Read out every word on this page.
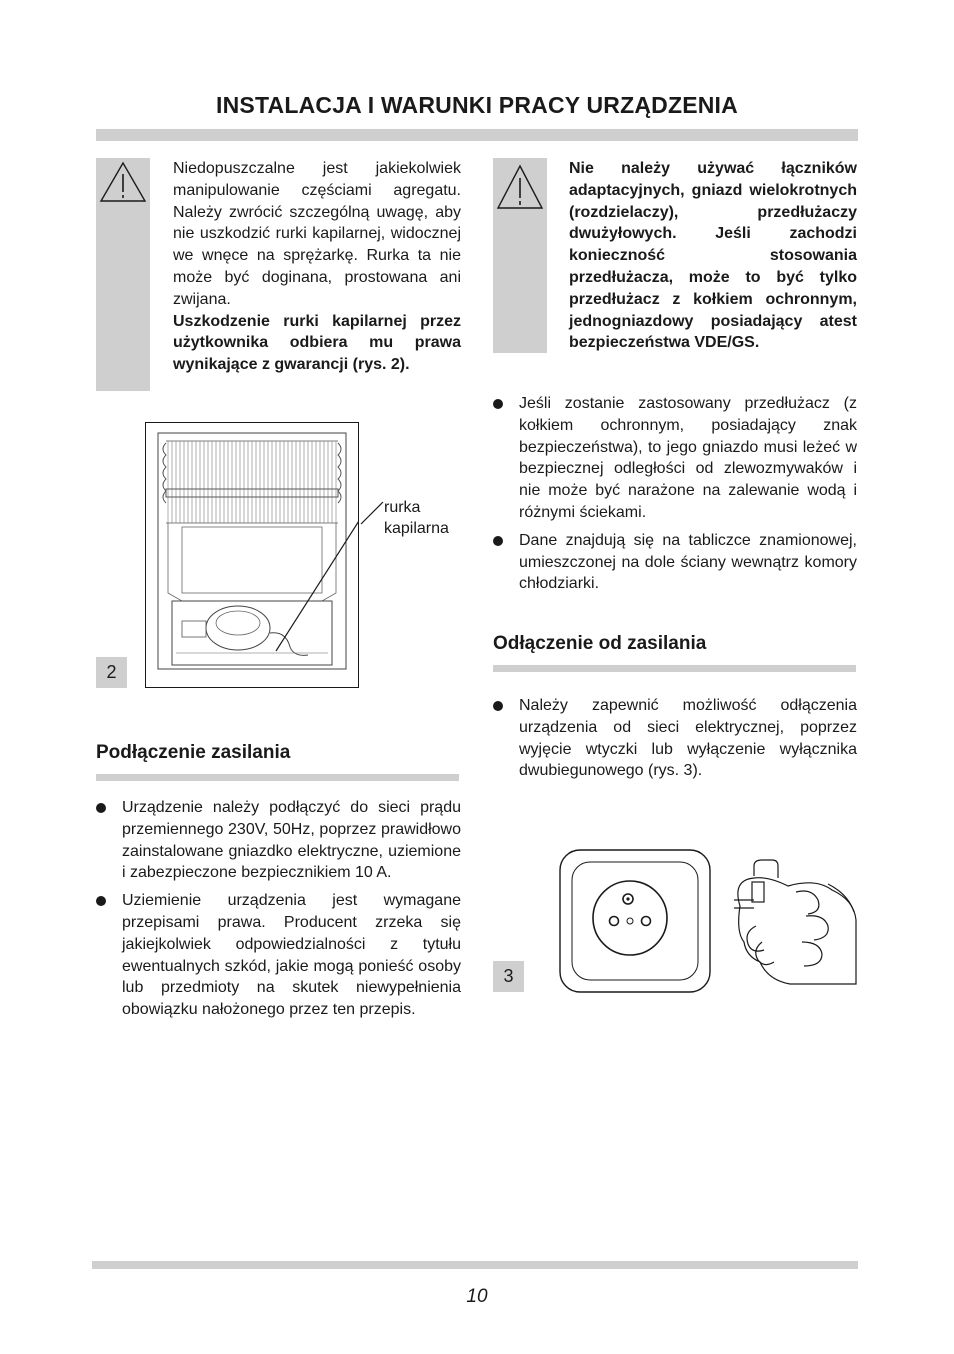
INSTALACJA I WARUNKI PRACY URZĄDZENIA

Niedopuszczalne jest jakiekolwiek manipulowanie częściami agregatu. Należy zwrócić szczególną uwagę, aby nie uszkodzić rurki kapilarnej, widocznej we wnęce na sprężarkę. Rurka ta nie może być doginana, prostowana ani zwijana.

Uszkodzenie rurki kapilarnej przez użytkownika odbiera mu prawa wynikające z gwarancji (rys. 2).

Nie należy używać łączników adaptacyjnych, gniazd wielokrotnych (rozdzielaczy), przedłużaczy dwużyłowych. Jeśli zachodzi konieczność stosowania przedłużacza, może to być tylko przedłużacz z kołkiem ochronnym, jednogniazdowy posiadający atest bezpieczeństwa VDE/GS.

2
rurka
kapilarna
Podłączenie zasilania
Urządzenie należy podłączyć do sieci prądu przemiennego 230V, 50Hz, poprzez prawidłowo zainstalowane gniazdko elektryczne, uziemione i zabezpieczone bezpiecznikiem 10 A.
Uziemienie urządzenia jest wymagane przepisami prawa. Producent zrzeka się jakiejkolwiek odpowiedzialności z tytułu ewentualnych szkód, jakie mogą ponieść osoby lub przedmioty na skutek niewypełnienia obowiązku nałożonego przez ten przepis.
Jeśli zostanie zastosowany przedłużacz (z kołkiem ochronnym, posiadający znak bezpieczeństwa), to jego gniazdo musi leżeć w bezpiecznej odległości od zlewozmywaków i nie może być narażone na zalewanie wodą i różnymi ściekami.
Dane znajdują się na tabliczce znamionowej, umieszczonej na dole ściany wewnątrz komory chłodziarki.
Odłączenie od zasilania
Należy zapewnić możliwość odłączenia urządzenia od sieci elektrycznej, poprzez wyjęcie wtyczki lub wyłączenie wyłącznika dwubiegunowego (rys. 3).
3
10
